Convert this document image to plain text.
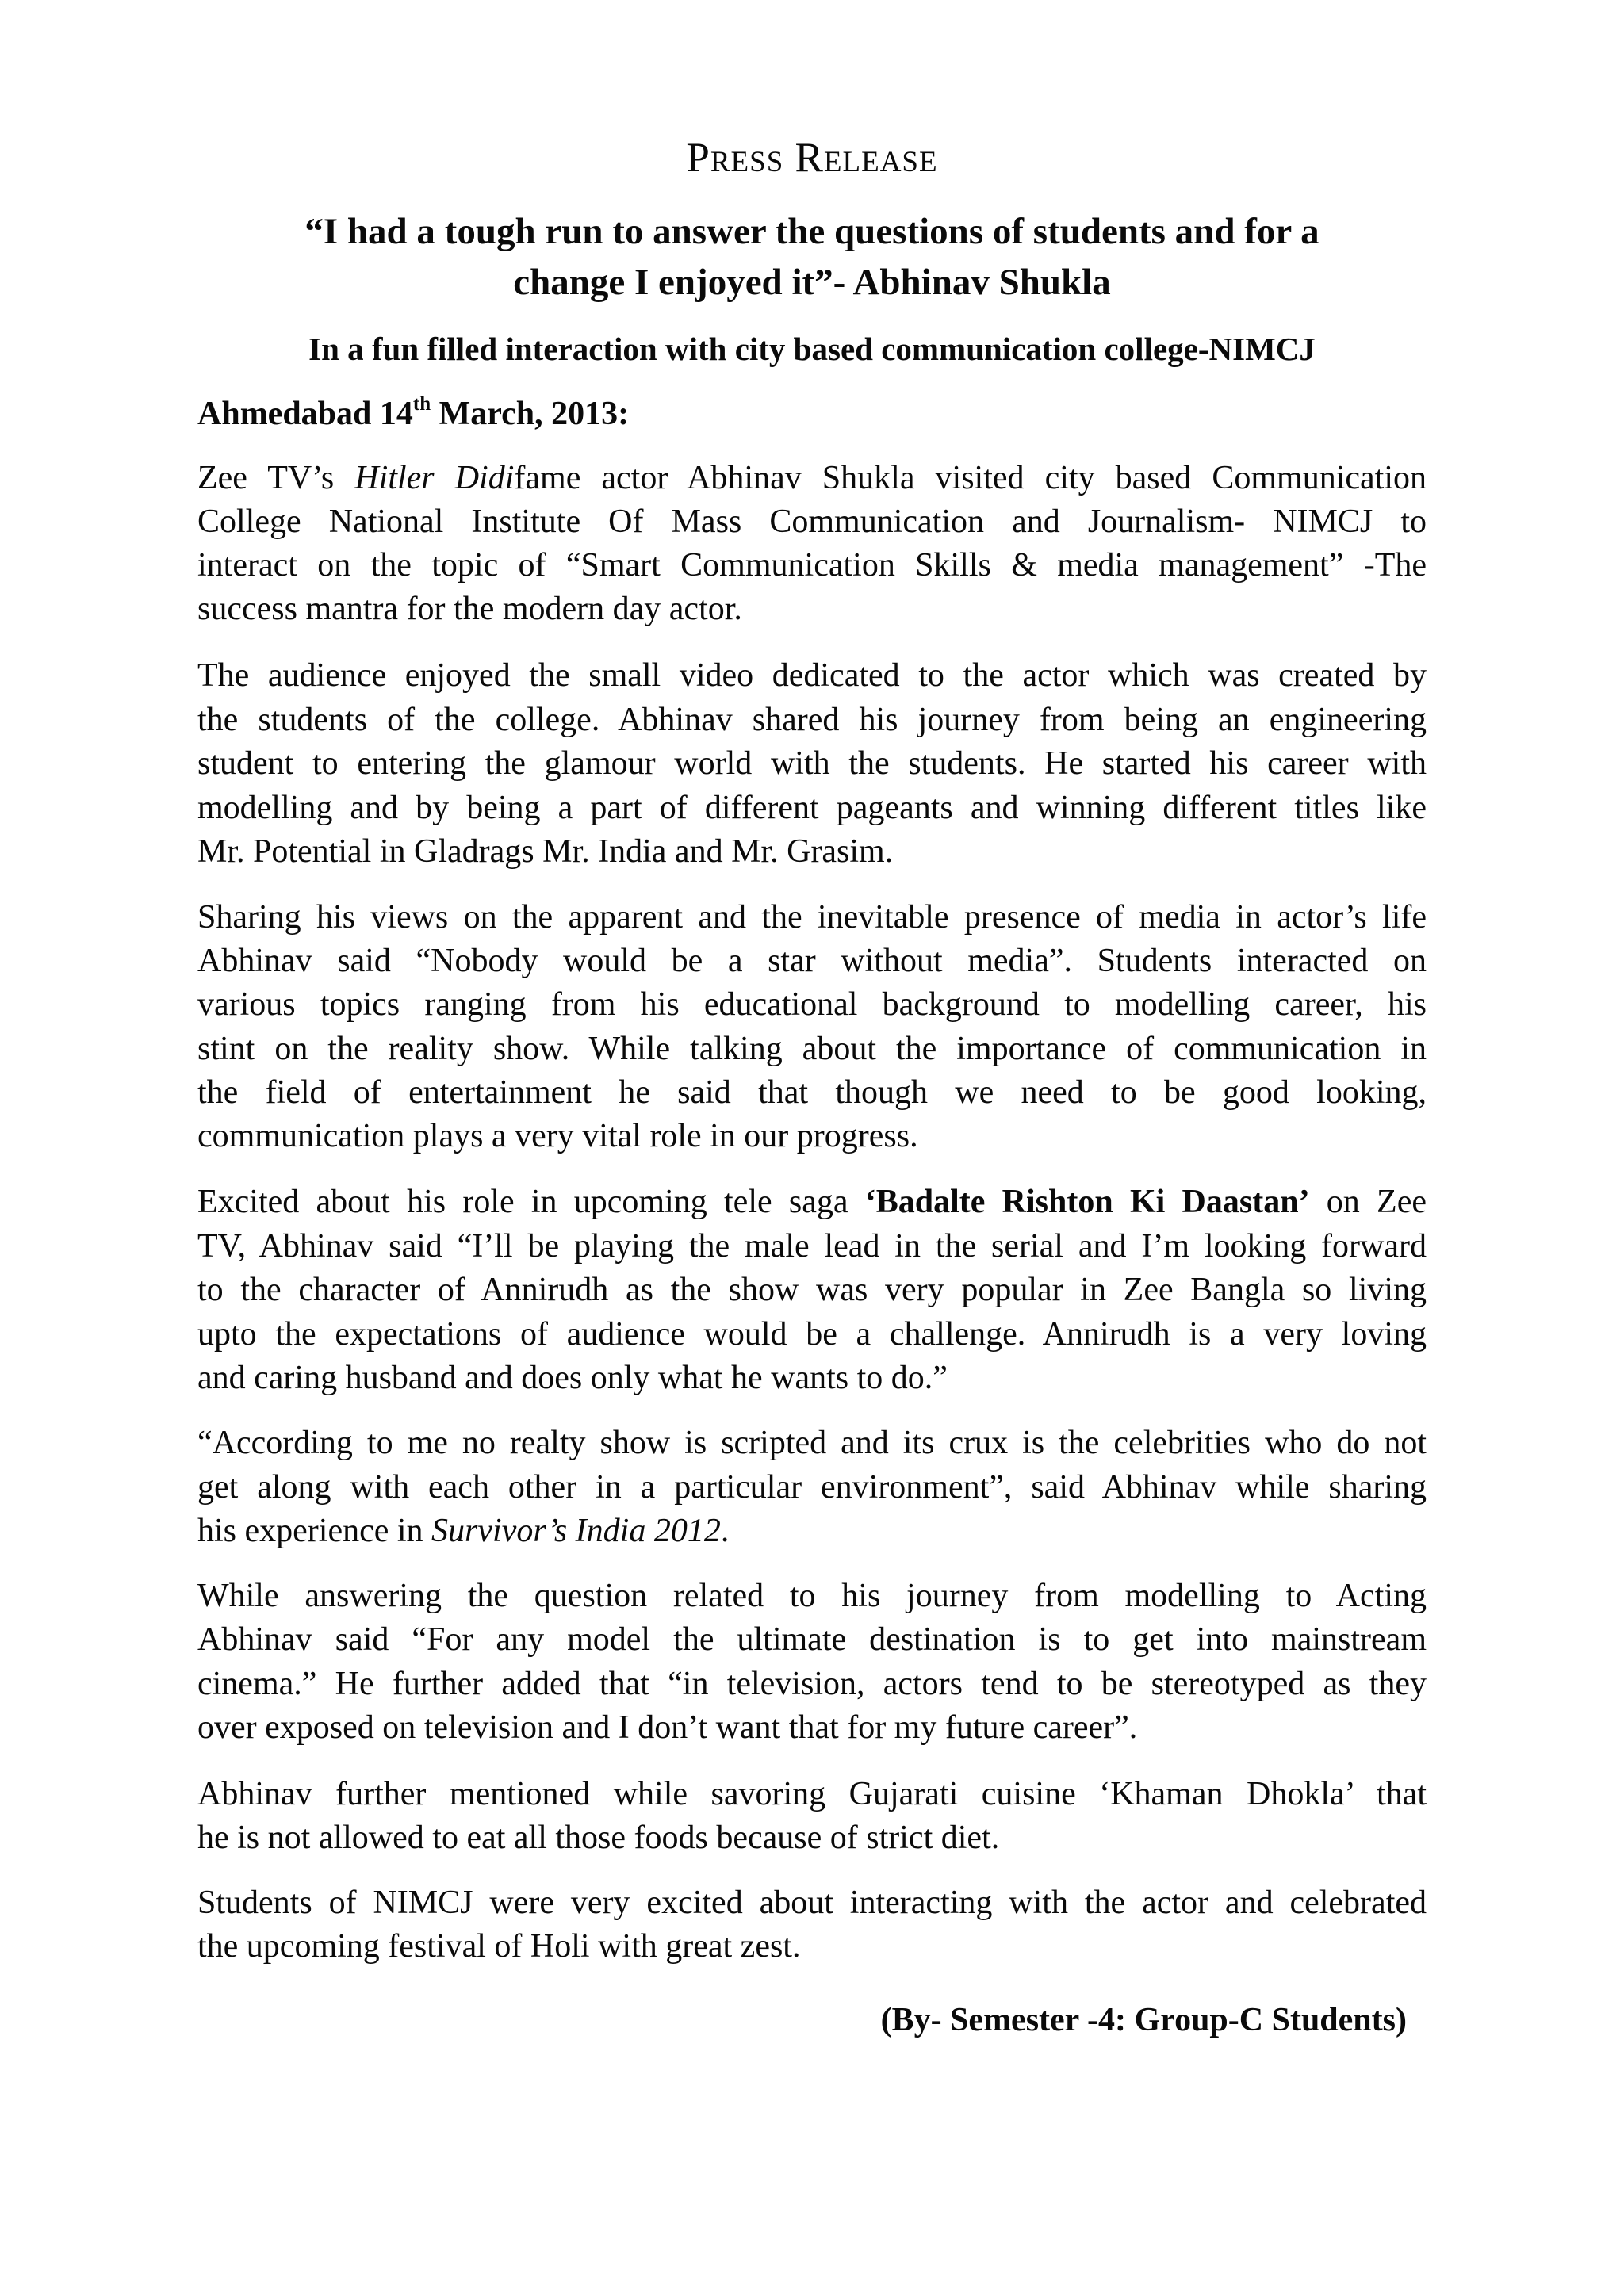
Press Release
“I had a tough run to answer the questions of students and for a
change I enjoyed it”- Abhinav Shukla
In a fun filled interaction with city based communication college-NIMCJ
Ahmedabad 14th March, 2013:
Zee TV’s Hitler Didifame actor Abhinav Shukla visited city based Communication
College National Institute Of Mass Communication and Journalism- NIMCJ to
interact on the topic of “Smart Communication Skills & media management” -The
success mantra for the modern day actor.
The audience enjoyed the small video dedicated to the actor which was created by
the students of the college. Abhinav shared his journey from being an engineering
student to entering the glamour world with the students. He started his career with
modelling and by being a part of different pageants and winning different titles like
Mr. Potential in Gladrags Mr. India and Mr. Grasim.
Sharing his views on the apparent and the inevitable presence of media in actor’s life
Abhinav said “Nobody would be a star without media”. Students interacted on
various topics ranging from his educational background to modelling career, his
stint on the reality show. While talking about the importance of communication in
the field of entertainment he said that though we need to be good looking,
communication plays a very vital role in our progress.
Excited about his role in upcoming tele saga ‘Badalte Rishton Ki Daastan’ on Zee
TV, Abhinav said “I’ll be playing the male lead in the serial and I’m looking forward
to the character of Annirudh as the show was very popular in Zee Bangla so living
upto the expectations of audience would be a challenge. Annirudh is a very loving
and caring husband and does only what he wants to do.”
“According to me no realty show is scripted and its crux is the celebrities who do not
get along with each other in a particular environment”, said Abhinav while sharing
his experience in Survivor’s India 2012.
While answering the question related to his journey from modelling to Acting
Abhinav said “For any model the ultimate destination is to get into mainstream
cinema.” He further added that “in television, actors tend to be stereotyped as they
over exposed on television and I don’t want that for my future career”.
Abhinav further mentioned while savoring Gujarati cuisine ‘Khaman Dhokla’ that
he is not allowed to eat all those foods because of strict diet.
Students of NIMCJ were very excited about interacting with the actor and celebrated
the upcoming festival of Holi with great zest.
(By- Semester -4: Group-C Students)
